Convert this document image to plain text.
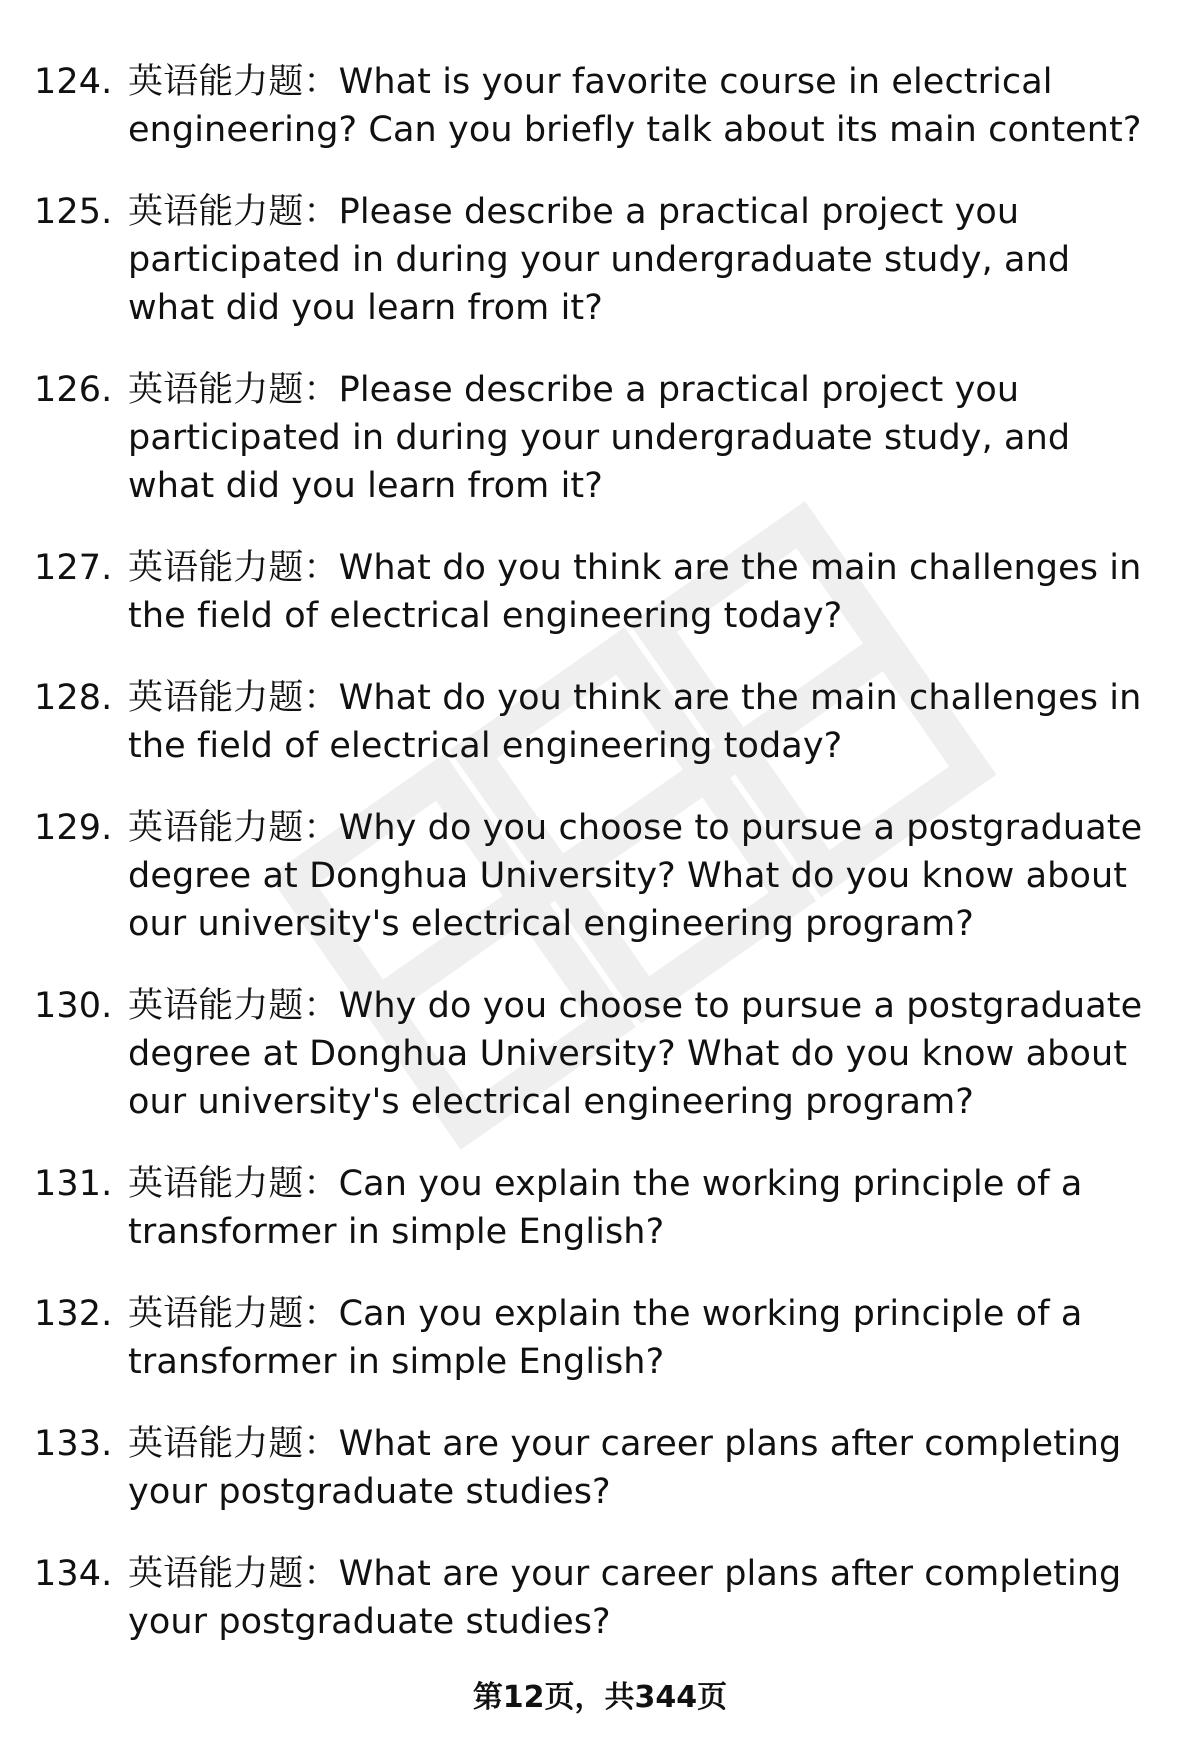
124. 英语能力题：What is your favorite course in electrical engineering? Can you briefly talk about its main content?
125. 英语能力题：Please describe a practical project you participated in during your undergraduate study, and what did you learn from it?
126. 英语能力题：Please describe a practical project you participated in during your undergraduate study, and what did you learn from it?
127. 英语能力题：What do you think are the main challenges in the field of electrical engineering today?
128. 英语能力题：What do you think are the main challenges in the field of electrical engineering today?
129. 英语能力题：Why do you choose to pursue a postgraduate degree at Donghua University? What do you know about our university's electrical engineering program?
130. 英语能力题：Why do you choose to pursue a postgraduate degree at Donghua University? What do you know about our university's electrical engineering program?
131. 英语能力题：Can you explain the working principle of a transformer in simple English?
132. 英语能力题：Can you explain the working principle of a transformer in simple English?
133. 英语能力题：What are your career plans after completing your postgraduate studies?
134. 英语能力题：What are your career plans after completing your postgraduate studies?
第12页，共344页
